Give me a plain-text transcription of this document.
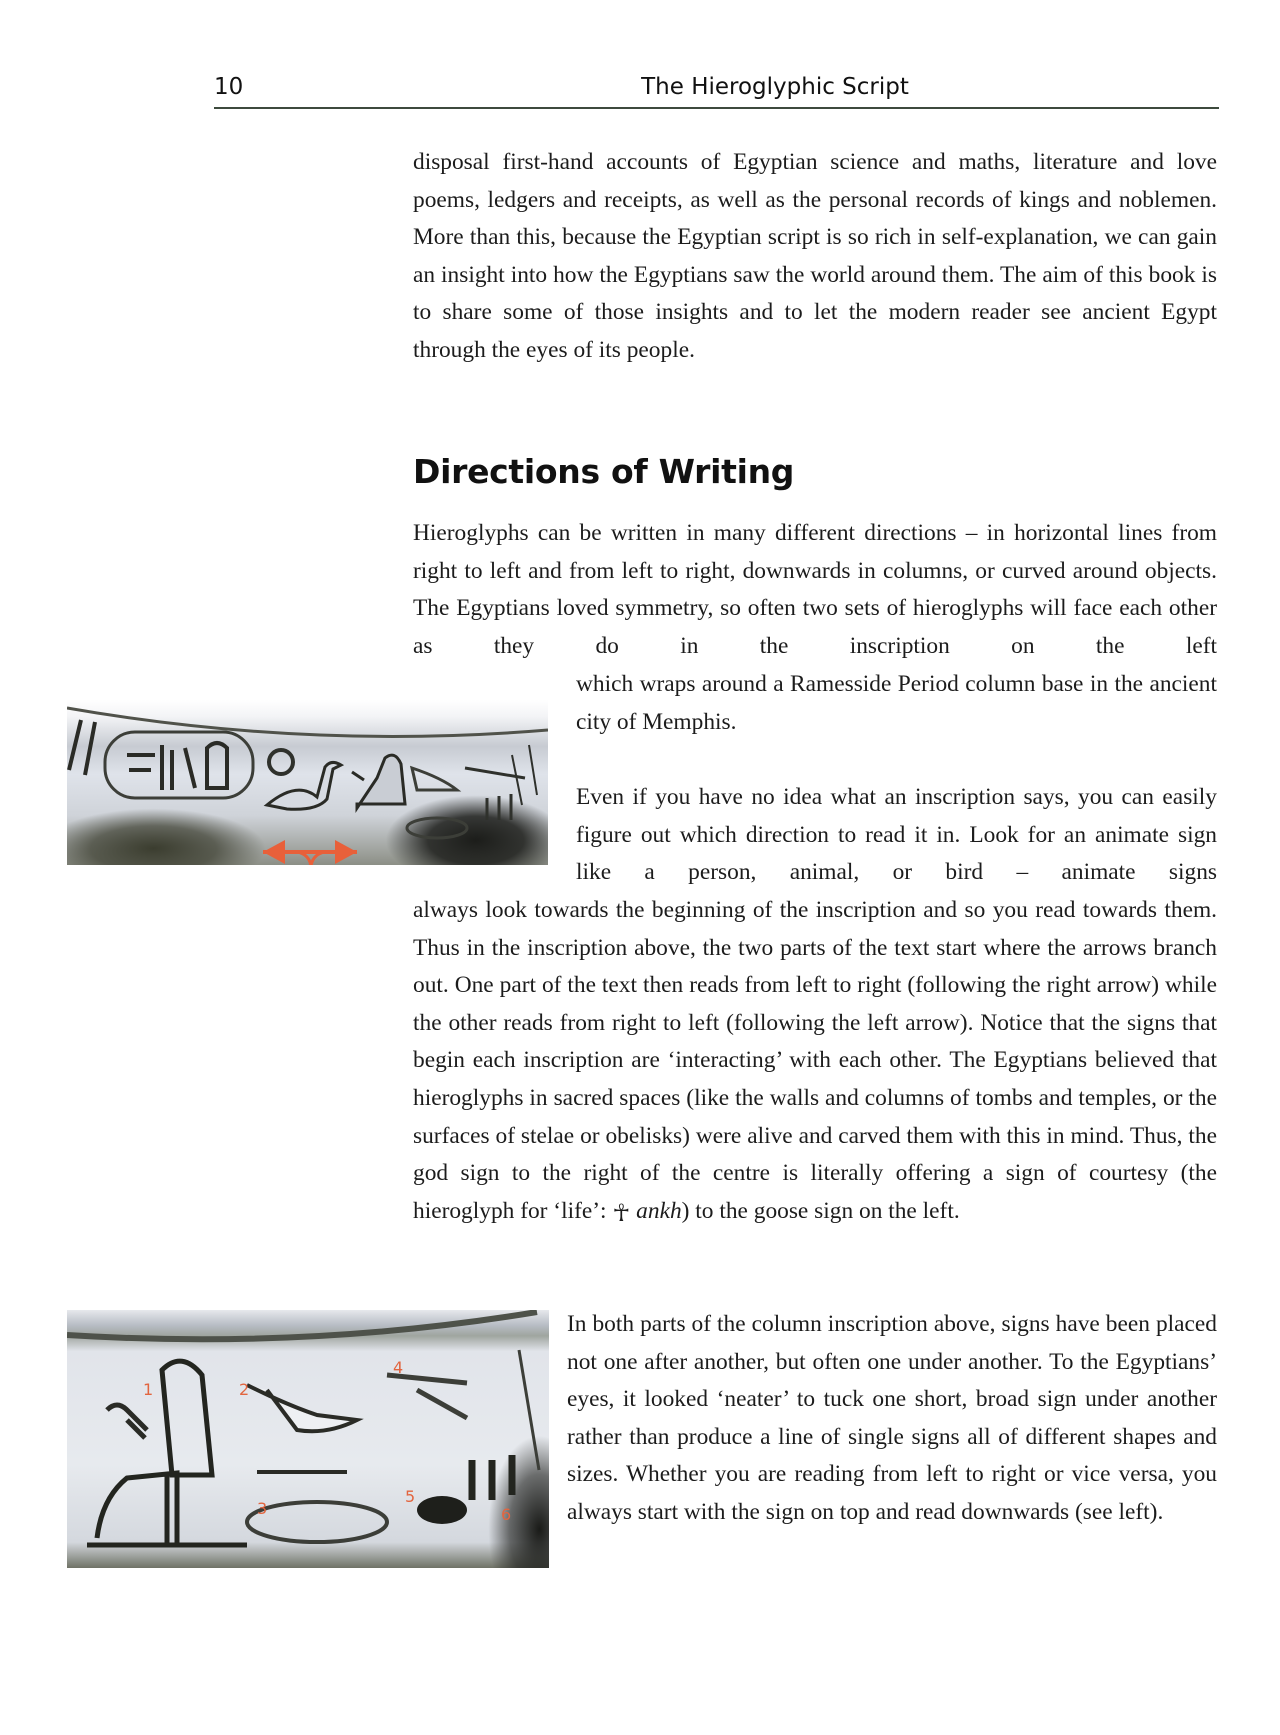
10	The Hieroglyphic Script

disposal first-hand accounts of Egyptian science and maths, literature and love poems, ledgers and receipts, as well as the personal records of kings and noblemen. More than this, because the Egyptian script is so rich in self-explanation, we can gain an insight into how the Egyptians saw the world around them. The aim of this book is to share some of those insights and to let the modern reader see ancient Egypt through the eyes of its people.

Directions of Writing

Hieroglyphs can be written in many different directions – in horizontal lines from right to left and from left to right, downwards in columns, or curved around objects. The Egyptians loved symmetry, so often two sets of hieroglyphs will face each other as they do in the inscription on the left

which wraps around a Ramesside Period column base in the ancient city of Memphis.

Even if you have no idea what an inscription says, you can easily figure out which direction to read it in. Look for an animate sign like a person, animal, or bird – animate signs

always look towards the beginning of the inscription and so you read towards them. Thus in the inscription above, the two parts of the text start where the arrows branch out. One part of the text then reads from left to right (following the right arrow) while the other reads from right to left (following the left arrow). Notice that the signs that begin each inscription are ‘interacting’ with each other. The Egyptians believed that hieroglyphs in sacred spaces (like the walls and columns of tombs and temples, or the surfaces of stelae or obelisks) were alive and carved them with this in mind. Thus, the god sign to the right of the centre is literally offering a sign of courtesy (the hieroglyph for ‘life’: ☥ ankh) to the goose sign on the left.

1	2
3
4
5
6

In both parts of the column inscription above, signs have been placed not one after another, but often one under another. To the Egyptians’ eyes, it looked ‘neater’ to tuck one short, broad sign under another rather than produce a line of single signs all of different shapes and sizes. Whether you are reading from left to right or vice versa, you always start with the sign on top and read downwards (see left).
